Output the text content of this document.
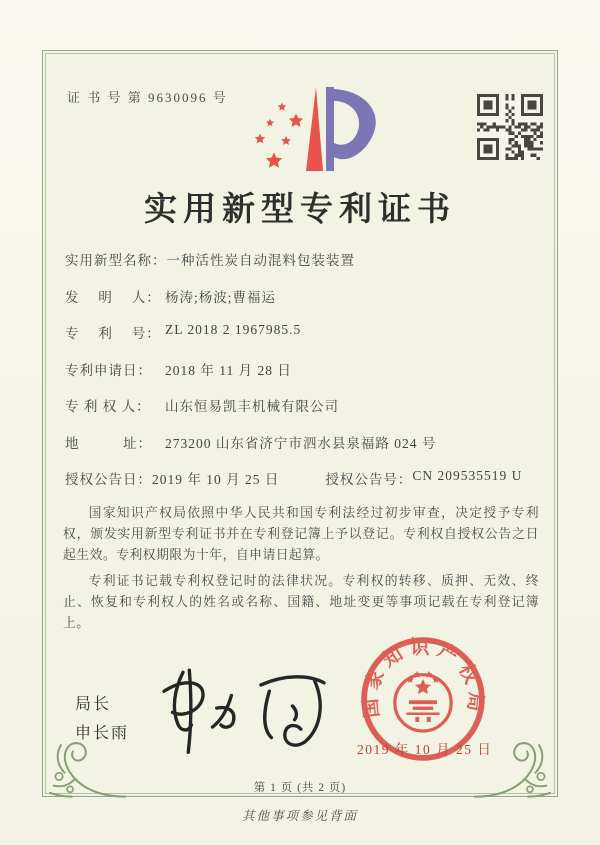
证 书 号 第 9630096 号
实用新型专利证书
实用新型名称： 一种活性炭自动混料包装装置
发　 明　 人： 杨涛;杨波;曹福运
专　 利　 号： ZL 2018 2 1967985.5
专利申请日： 2018 年 11 月 28 日
专 利 权 人：	山东恒易凯丰机械有限公司
地　　　址： 273200 山东省济宁市泗水县泉福路 024 号
授权公告日： 2019 年 10 月 25 日	授权公告号： CN 209535519 U

国家知识产权局依照中华人民共和国专利法经过初步审查，决定授予专利权，颁发实用新型专利证书并在专利登记簿上予以登记。专利权自授权公告之日起生效。专利权期限为十年，自申请日起算。

专利证书记载专利权登记时的法律状况。专利权的转移、质押、无效、终止、恢复和专利权人的姓名或名称、国籍、地址变更等事项记载在专利登记簿上。

局长
申长雨
国家知识产权局
2019 年 10 月 25 日
第 1 页 (共 2 页)
其他事项参见背面
